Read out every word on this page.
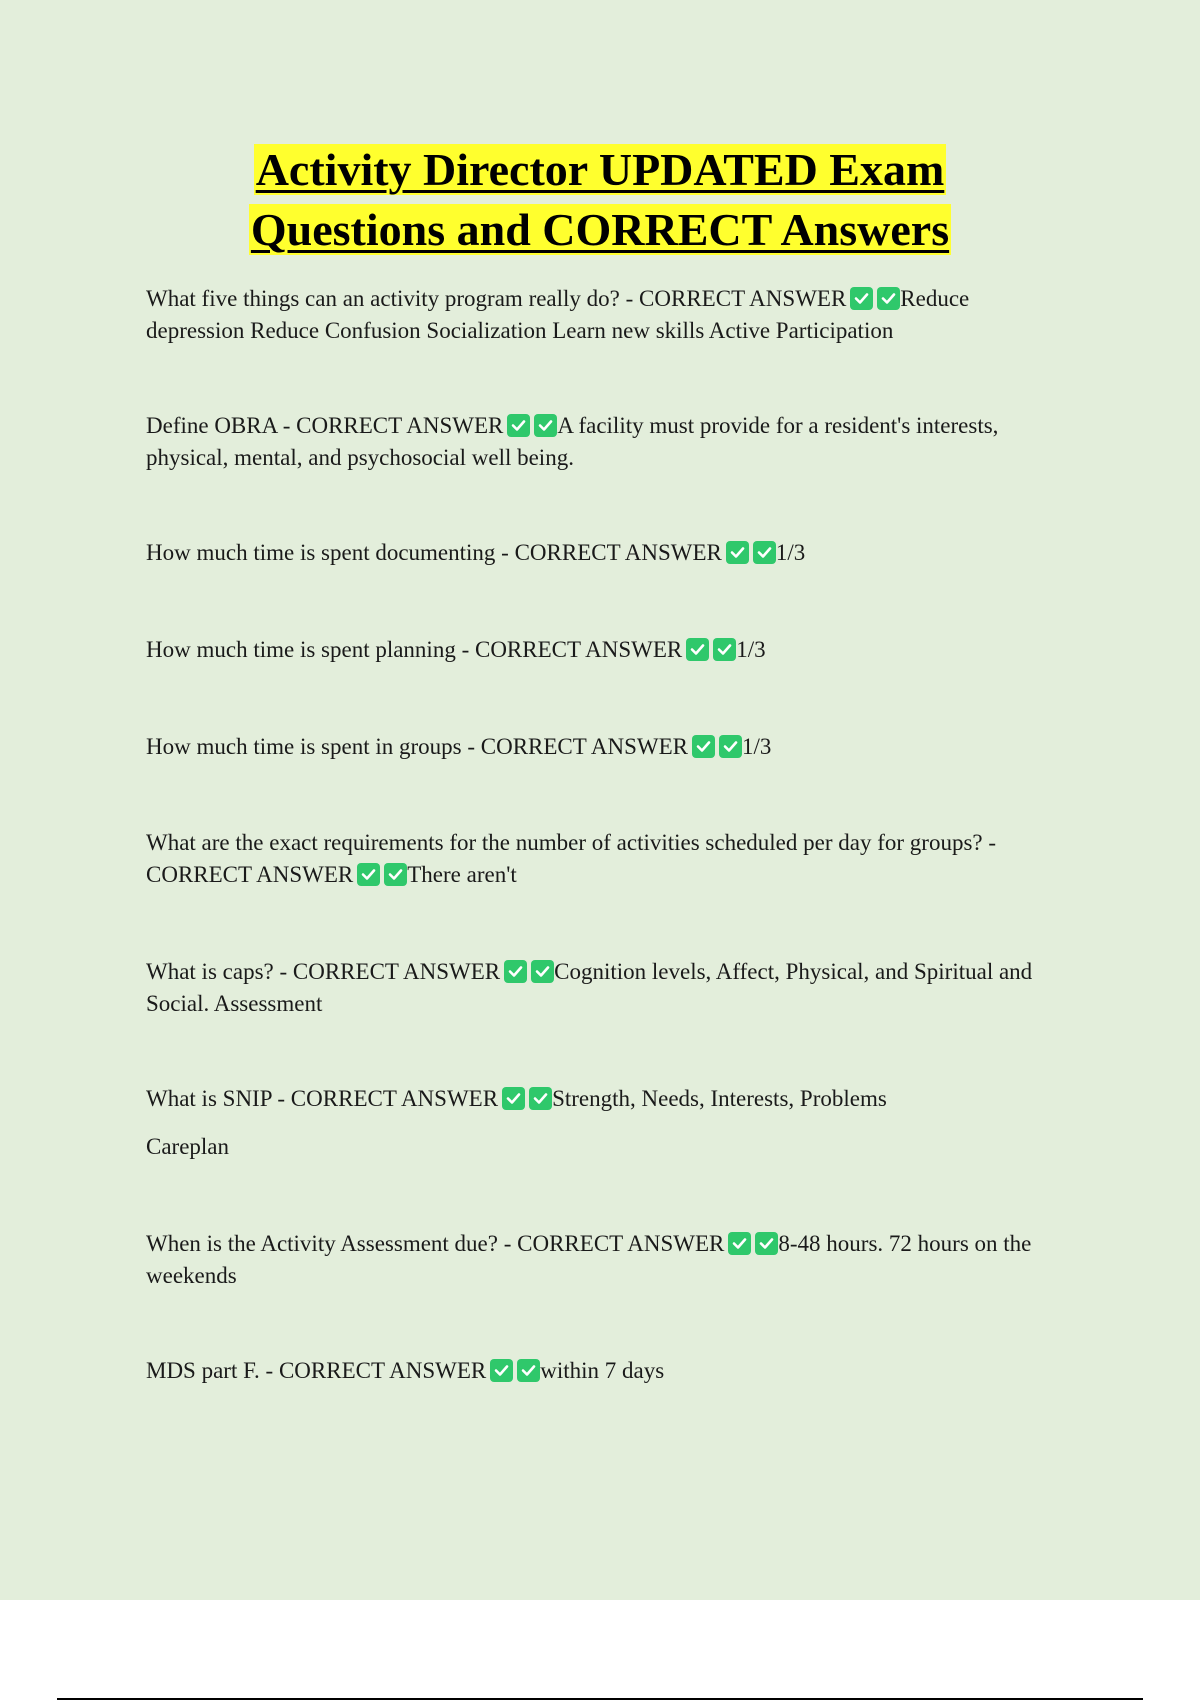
Activity Director UPDATED Exam
Questions and CORRECT Answers

What five things can an activity program really do? - CORRECT ANSWER Reduce depression Reduce Confusion Socialization Learn new skills Active Participation

Define OBRA - CORRECT ANSWER A facility must provide for a resident's interests, physical, mental, and psychosocial well being.

How much time is spent documenting - CORRECT ANSWER 1/3

How much time is spent planning - CORRECT ANSWER 1/3

How much time is spent in groups - CORRECT ANSWER 1/3

What are the exact requirements for the number of activities scheduled per day for groups? - CORRECT ANSWER There aren't

What is caps? - CORRECT ANSWER Cognition levels, Affect, Physical, and Spiritual and Social. Assessment

What is SNIP - CORRECT ANSWER Strength, Needs, Interests, Problems

Careplan

When is the Activity Assessment due? - CORRECT ANSWER 8-48 hours. 72 hours on the weekends

MDS part F. - CORRECT ANSWER within 7 days
